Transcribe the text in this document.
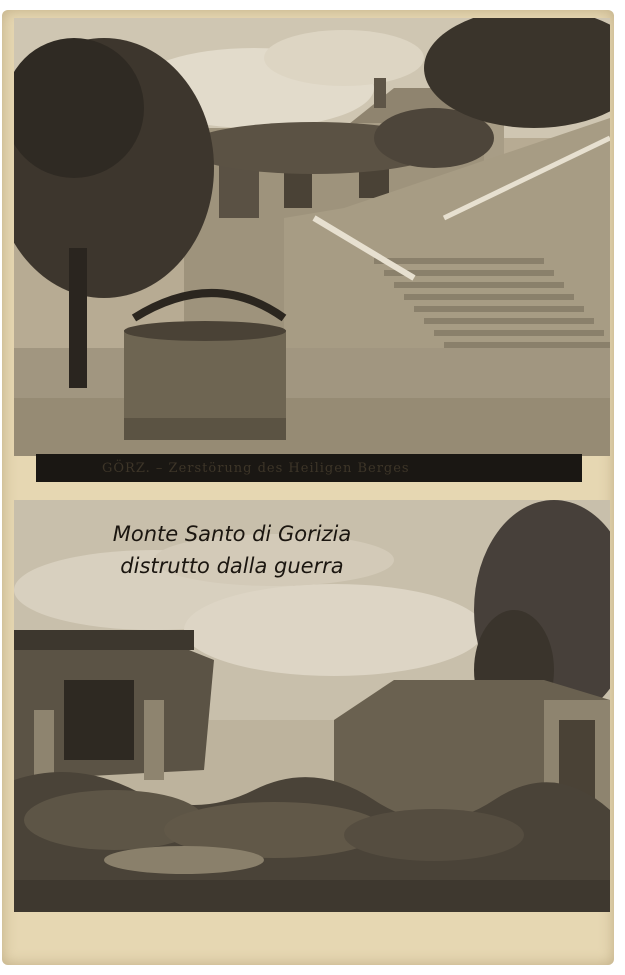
GÖRZ. – Zerstörung des Heiligen Berges
Monte Santo di Gorizia
distrutto dalla guerra
